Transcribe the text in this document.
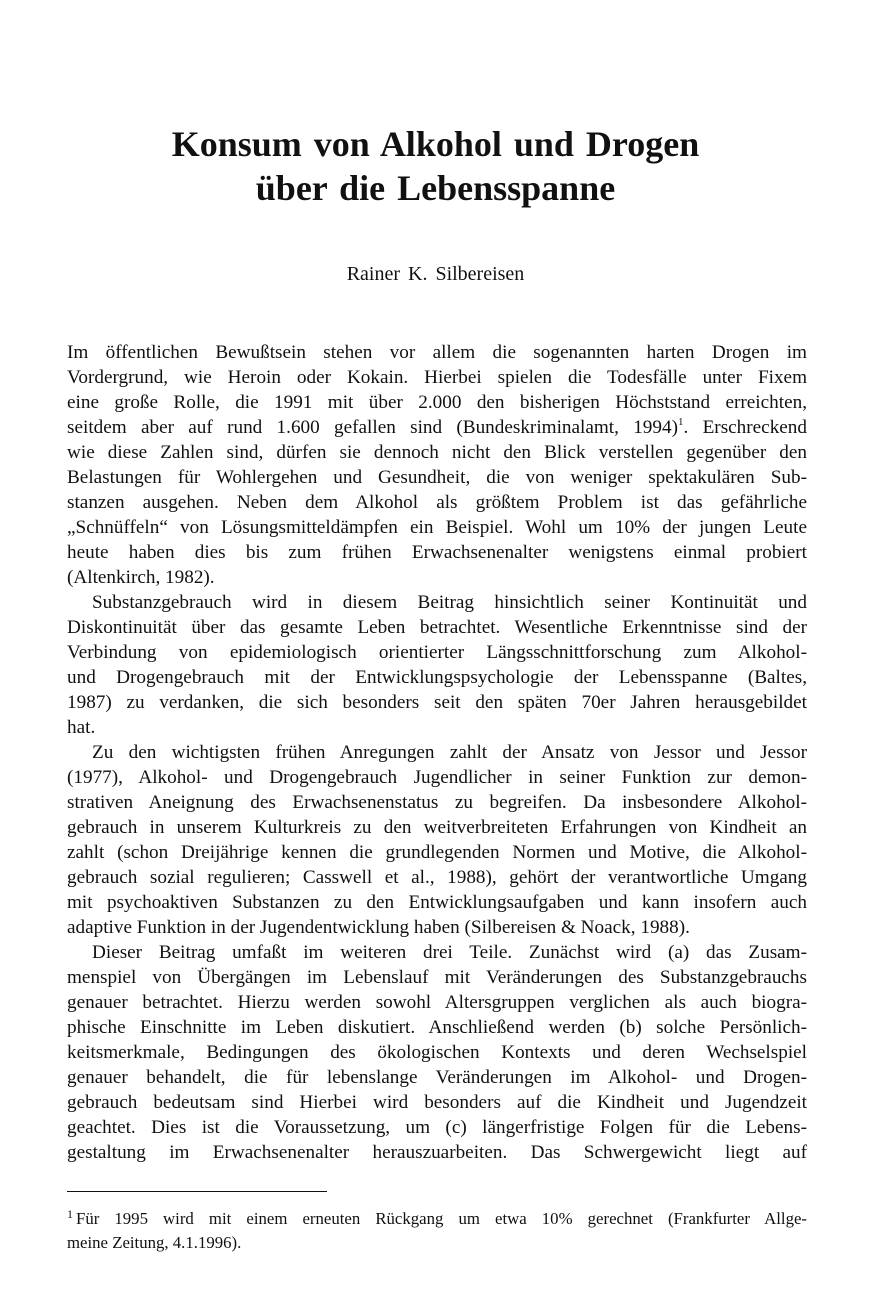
Konsum von Alkohol und Drogen
über die Lebensspanne

Rainer K. Silbereisen

Im öffentlichen Bewußtsein stehen vor allem die sogenannten harten Drogen im
Vordergrund, wie Heroin oder Kokain. Hierbei spielen die Todesfälle unter Fixem
eine große Rolle, die 1991 mit über 2.000 den bisherigen Höchststand erreichten,
seitdem aber auf rund 1.600 gefallen sind (Bundeskriminalamt, 1994)$^1$. Erschreckend
wie diese Zahlen sind, dürfen sie dennoch nicht den Blick verstellen gegenüber den
Belastungen für Wohlergehen und Gesundheit, die von weniger spektakulären Sub-
stanzen ausgehen. Neben dem Alkohol als größtem Problem ist das gefährliche
„Schnüffeln“ von Lösungsmitteldämpfen ein Beispiel. Wohl um 10% der jungen Leute
heute haben dies bis zum frühen Erwachsenenalter wenigstens einmal probiert
(Altenkirch, 1982).
Substanzgebrauch wird in diesem Beitrag hinsichtlich seiner Kontinuität und
Diskontinuität über das gesamte Leben betrachtet. Wesentliche Erkenntnisse sind der
Verbindung von epidemiologisch orientierter Längsschnittforschung zum Alkohol-
und Drogengebrauch mit der Entwicklungspsychologie der Lebensspanne (Baltes,
1987) zu verdanken, die sich besonders seit den späten 70er Jahren herausgebildet
hat.
Zu den wichtigsten frühen Anregungen zahlt der Ansatz von Jessor und Jessor
(1977), Alkohol- und Drogengebrauch Jugendlicher in seiner Funktion zur demon-
strativen Aneignung des Erwachsenenstatus zu begreifen. Da insbesondere Alkohol-
gebrauch in unserem Kulturkreis zu den weitverbreiteten Erfahrungen von Kindheit an
zahlt (schon Dreijährige kennen die grundlegenden Normen und Motive, die Alkohol-
gebrauch sozial regulieren; Casswell et al., 1988), gehört der verantwortliche Umgang
mit psychoaktiven Substanzen zu den Entwicklungsaufgaben und kann insofern auch
adaptive Funktion in der Jugendentwicklung haben (Silbereisen & Noack, 1988).
Dieser Beitrag umfaßt im weiteren drei Teile. Zunächst wird (a) das Zusam-
menspiel von Übergängen im Lebenslauf mit Veränderungen des Substanzgebrauchs
genauer betrachtet. Hierzu werden sowohl Altersgruppen verglichen als auch biogra-
phische Einschnitte im Leben diskutiert. Anschließend werden (b) solche Persönlich-
keitsmerkmale, Bedingungen des ökologischen Kontexts und deren Wechselspiel
genauer behandelt, die für lebenslange Veränderungen im Alkohol- und Drogen-
gebrauch bedeutsam sind Hierbei wird besonders auf die Kindheit und Jugendzeit
geachtet. Dies ist die Voraussetzung, um (c) längerfristige Folgen für die Lebens-
gestaltung im Erwachsenenalter herauszuarbeiten. Das Schwergewicht liegt auf
$^1$ Für 1995 wird mit einem erneuten Rückgang um etwa 10% gerechnet (Frankfurter Allge-
meine Zeitung, 4.1.1996).
